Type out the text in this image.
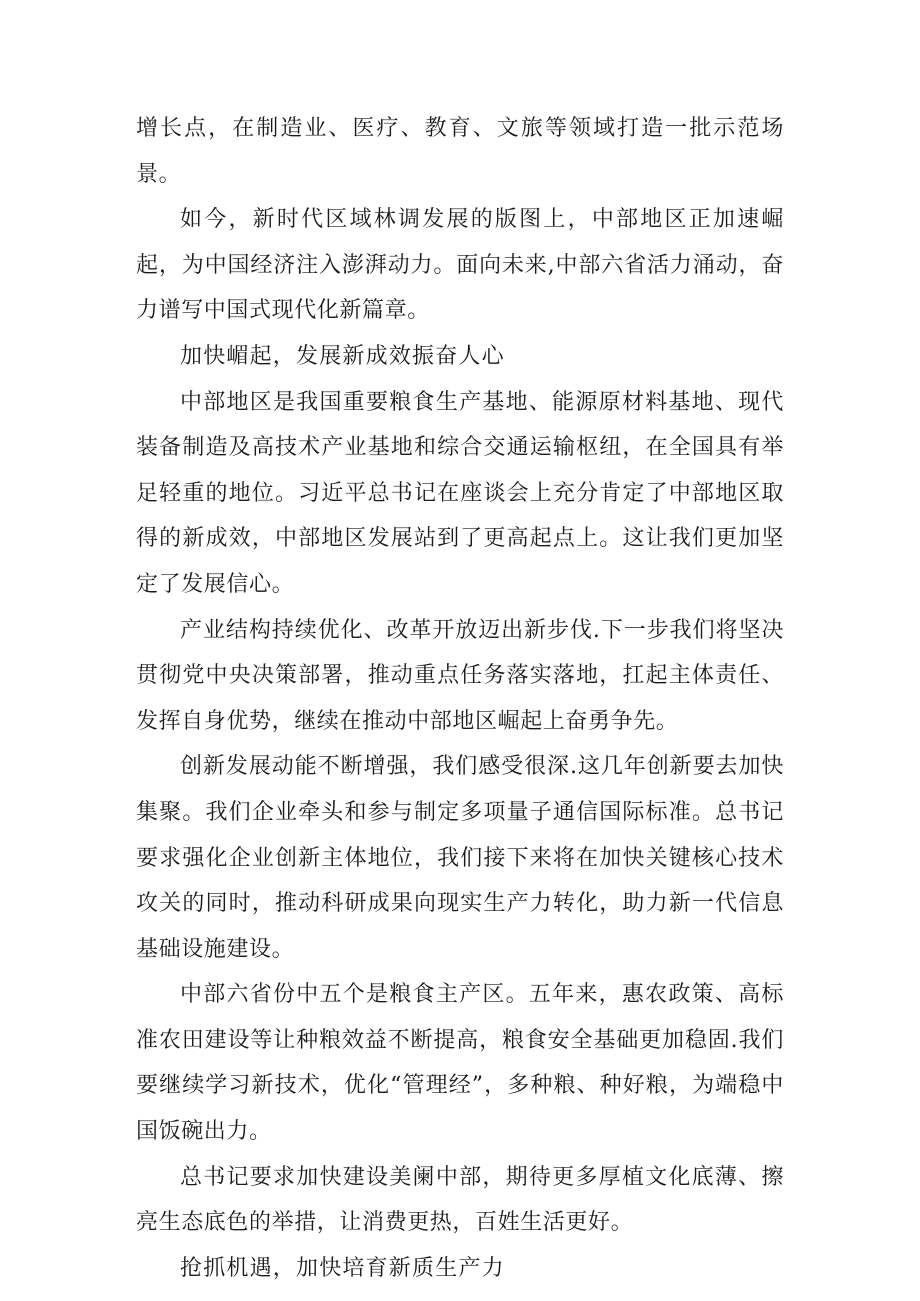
增长点，在制造业、医疗、教育、文旅等领域打造一批示范场景。

如今，新时代区域林调发展的版图上，中部地区正加速崛起，为中国经济注入澎湃动力。面向未来,中部六省活力涌动，奋力谱写中国式现代化新篇章。

加快嵋起，发展新成效振奋人心

中部地区是我国重要粮食生产基地、能源原材料基地、现代装备制造及高技术产业基地和综合交通运输枢纽，在全国具有举足轻重的地位。习近平总书记在座谈会上充分肯定了中部地区取得的新成效，中部地区发展站到了更高起点上。这让我们更加坚定了发展信心。

产业结构持续优化、改革开放迈出新步伐.下一步我们将坚决贯彻党中央决策部署，推动重点任务落实落地，扛起主体责任、发挥自身优势，继续在推动中部地区崛起上奋勇争先。

创新发展动能不断增强，我们感受很深.这几年创新要去加快集聚。我们企业牵头和参与制定多项量子通信国际标准。总书记要求强化企业创新主体地位，我们接下来将在加快关键核心技术攻关的同时，推动科研成果向现实生产力转化，助力新一代信息基础设施建设。

中部六省份中五个是粮食主产区。五年来，惠农政策、高标准农田建设等让种粮效益不断提高，粮食安全基础更加稳固.我们要继续学习新技术，优化“管理经”，多种粮、种好粮，为端稳中国饭碗出力。

总书记要求加快建设美阑中部，期待更多厚植文化底薄、擦亮生态底色的举措，让消费更热，百姓生活更好。

抢抓机遇，加快培育新质生产力
